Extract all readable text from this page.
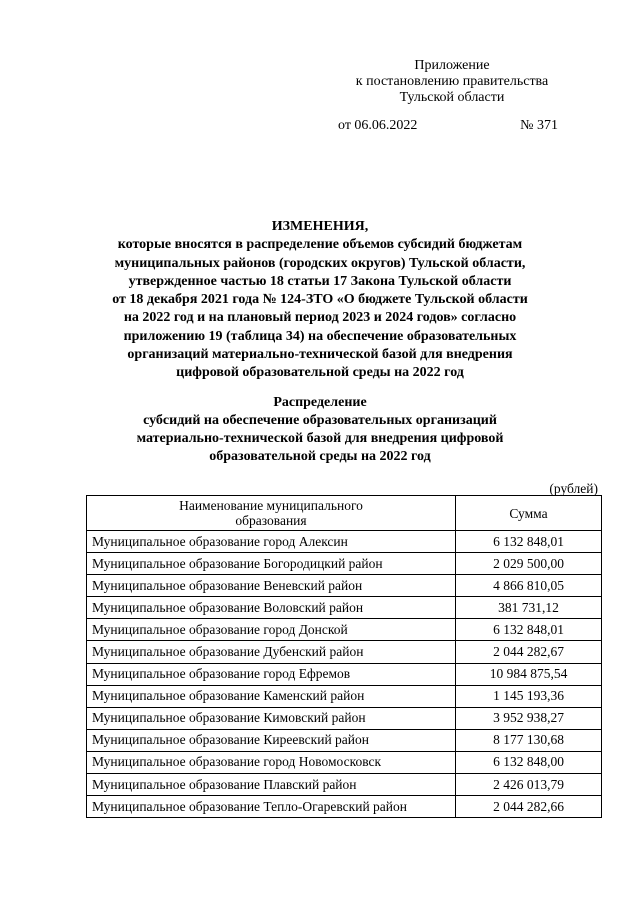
Приложение
к постановлению правительства
Тульской области
от 06.06.2022	№ 371
ИЗМЕНЕНИЯ,
которые вносятся в распределение объемов субсидий бюджетам
муниципальных районов (городских округов) Тульской области,
утвержденное частью 18 статьи 17 Закона Тульской области
от 18 декабря 2021 года № 124-ЗТО «О бюджете Тульской области
на 2022 год и на плановый период 2023 и 2024 годов» согласно
приложению 19 (таблица 34) на обеспечение образовательных
организаций материально-технической базой для внедрения
цифровой образовательной среды на 2022 год
Распределение
субсидий на обеспечение образовательных организаций
материально-технической базой для внедрения цифровой
образовательной среды на 2022 год
(рублей)
Наименование муниципального
образования	Сумма
Муниципальное образование город Алексин	6 132 848,01
Муниципальное образование Богородицкий район	2 029 500,00
Муниципальное образование Веневский район	4 866 810,05
Муниципальное образование Воловский район	381 731,12
Муниципальное образование город Донской	6 132 848,01
Муниципальное образование Дубенский район	2 044 282,67
Муниципальное образование город Ефремов	10 984 875,54
Муниципальное образование Каменский район	1 145 193,36
Муниципальное образование Кимовский район	3 952 938,27
Муниципальное образование Киреевский район	8 177 130,68
Муниципальное образование город Новомосковск	6 132 848,00
Муниципальное образование Плавский район	2 426 013,79
Муниципальное образование Тепло-Огаревский район	2 044 282,66
